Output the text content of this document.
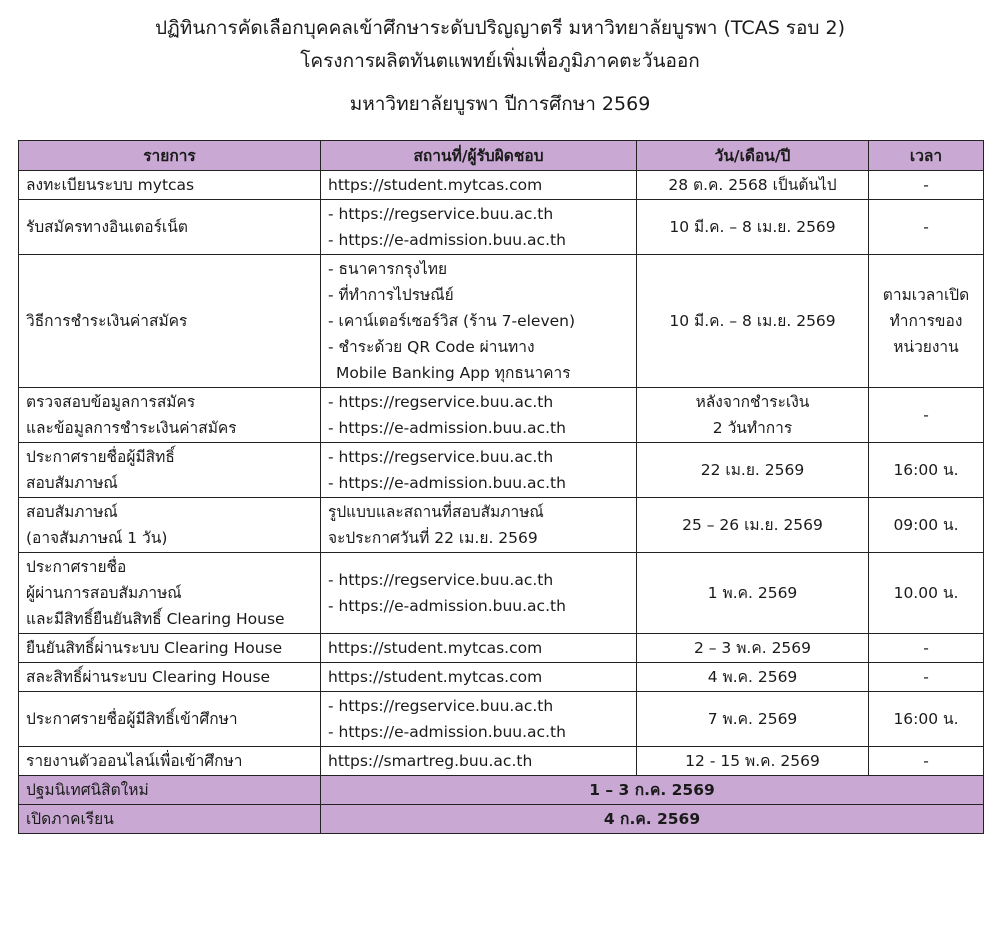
ปฏิทินการคัดเลือกบุคคลเข้าศึกษาระดับปริญญาตรี มหาวิทยาลัยบูรพา (TCAS รอบ 2)
โครงการผลิตทันตแพทย์เพิ่มเพื่อภูมิภาคตะวันออก
มหาวิทยาลัยบูรพา ปีการศึกษา 2569
รายการ	สถานที่/ผู้รับผิดชอบ	วัน/เดือน/ปี	เวลา

ลงทะเบียนระบบ mytcas	https://student.mytcas.com	28 ต.ค. 2568 เป็นต้นไป	-

รับสมัครทางอินเตอร์เน็ต	- https://regservice.buu.ac.th
- https://e-admission.buu.ac.th	10 มี.ค. – 8 เม.ย. 2569	-

วิธีการชำระเงินค่าสมัคร	- ธนาคารกรุงไทย
- ที่ทำการไปรษณีย์
- เคาน์เตอร์เซอร์วิส (ร้าน 7-eleven)
- ชำระด้วย QR Code ผ่านทาง
Mobile Banking App ทุกธนาคาร	10 มี.ค. – 8 เม.ย. 2569	ตามเวลาเปิด
ทำการของ
หน่วยงาน

ตรวจสอบข้อมูลการสมัคร
และข้อมูลการชำระเงินค่าสมัคร	- https://regservice.buu.ac.th
- https://e-admission.buu.ac.th	หลังจากชำระเงิน
2 วันทำการ	-

ประกาศรายชื่อผู้มีสิทธิ์
สอบสัมภาษณ์	- https://regservice.buu.ac.th
- https://e-admission.buu.ac.th	22 เม.ย. 2569	16:00 น.

สอบสัมภาษณ์
(อาจสัมภาษณ์ 1 วัน)	รูปแบบและสถานที่สอบสัมภาษณ์
จะประกาศวันที่ 22 เม.ย. 2569	25 – 26 เม.ย. 2569	09:00 น.

ประกาศรายชื่อ
ผู้ผ่านการสอบสัมภาษณ์
และมีสิทธิ์ยืนยันสิทธิ์ Clearing House	- https://regservice.buu.ac.th
- https://e-admission.buu.ac.th	1 พ.ค. 2569	10.00 น.

ยืนยันสิทธิ์ผ่านระบบ Clearing House	https://student.mytcas.com	2 – 3 พ.ค. 2569	-

สละสิทธิ์ผ่านระบบ Clearing House	https://student.mytcas.com	4 พ.ค. 2569	-

ประกาศรายชื่อผู้มีสิทธิ์เข้าศึกษา	- https://regservice.buu.ac.th
- https://e-admission.buu.ac.th	7 พ.ค. 2569	16:00 น.

รายงานตัวออนไลน์เพื่อเข้าศึกษา	https://smartreg.buu.ac.th	12 - 15 พ.ค. 2569	-

ปฐมนิเทศนิสิตใหม่	1 – 3 ก.ค. 2569		
เปิดภาคเรียน	4 ก.ค. 2569		
